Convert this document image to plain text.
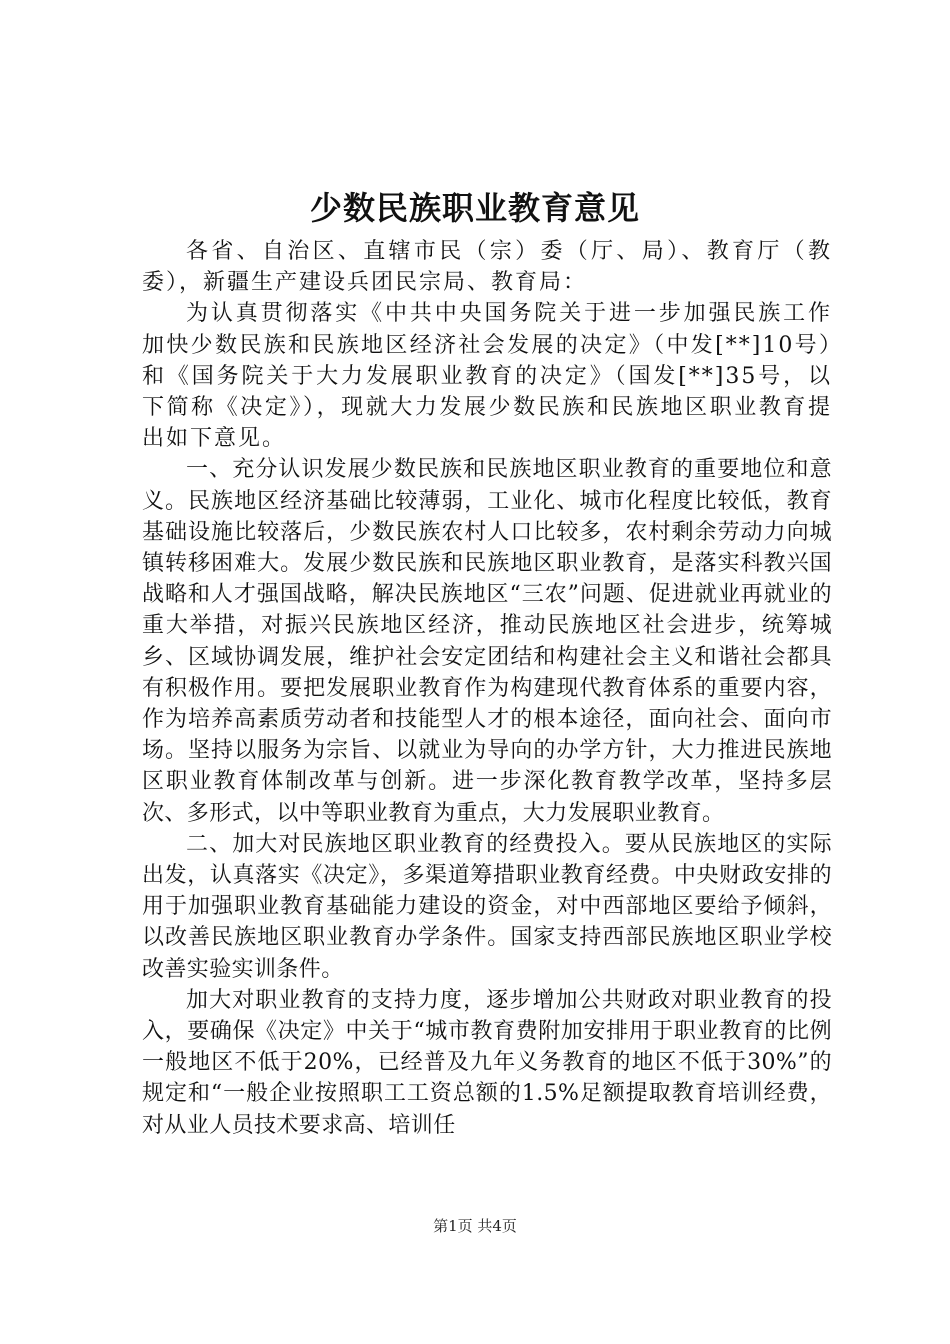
少数民族职业教育意见

各省、自治区、直辖市民（宗）委（厅、局）、教育厅（教委），新疆生产建设兵团民宗局、教育局：

为认真贯彻落实《中共中央国务院关于进一步加强民族工作加快少数民族和民族地区经济社会发展的决定》（中发[**]10号）和《国务院关于大力发展职业教育的决定》（国发[**]35号，以下简称《决定》），现就大力发展少数民族和民族地区职业教育提出如下意见。

一、充分认识发展少数民族和民族地区职业教育的重要地位和意义。民族地区经济基础比较薄弱，工业化、城市化程度比较低，教育基础设施比较落后，少数民族农村人口比较多，农村剩余劳动力向城镇转移困难大。发展少数民族和民族地区职业教育，是落实科教兴国战略和人才强国战略，解决民族地区“三农”问题、促进就业再就业的重大举措，对振兴民族地区经济，推动民族地区社会进步，统筹城乡、区域协调发展，维护社会安定团结和构建社会主义和谐社会都具有积极作用。要把发展职业教育作为构建现代教育体系的重要内容，作为培养高素质劳动者和技能型人才的根本途径，面向社会、面向市场。坚持以服务为宗旨、以就业为导向的办学方针，大力推进民族地区职业教育体制改革与创新。进一步深化教育教学改革，坚持多层次、多形式，以中等职业教育为重点，大力发展职业教育。

二、加大对民族地区职业教育的经费投入。要从民族地区的实际出发，认真落实《决定》，多渠道筹措职业教育经费。中央财政安排的用于加强职业教育基础能力建设的资金，对中西部地区要给予倾斜，以改善民族地区职业教育办学条件。国家支持西部民族地区职业学校改善实验实训条件。

加大对职业教育的支持力度，逐步增加公共财政对职业教育的投入，要确保《决定》中关于“城市教育费附加安排用于职业教育的比例一般地区不低于20%，已经普及九年义务教育的地区不低于30%”的规定和“一般企业按照职工工资总额的1.5%足额提取教育培训经费，对从业人员技术要求高、培训任

第1页 共4页
